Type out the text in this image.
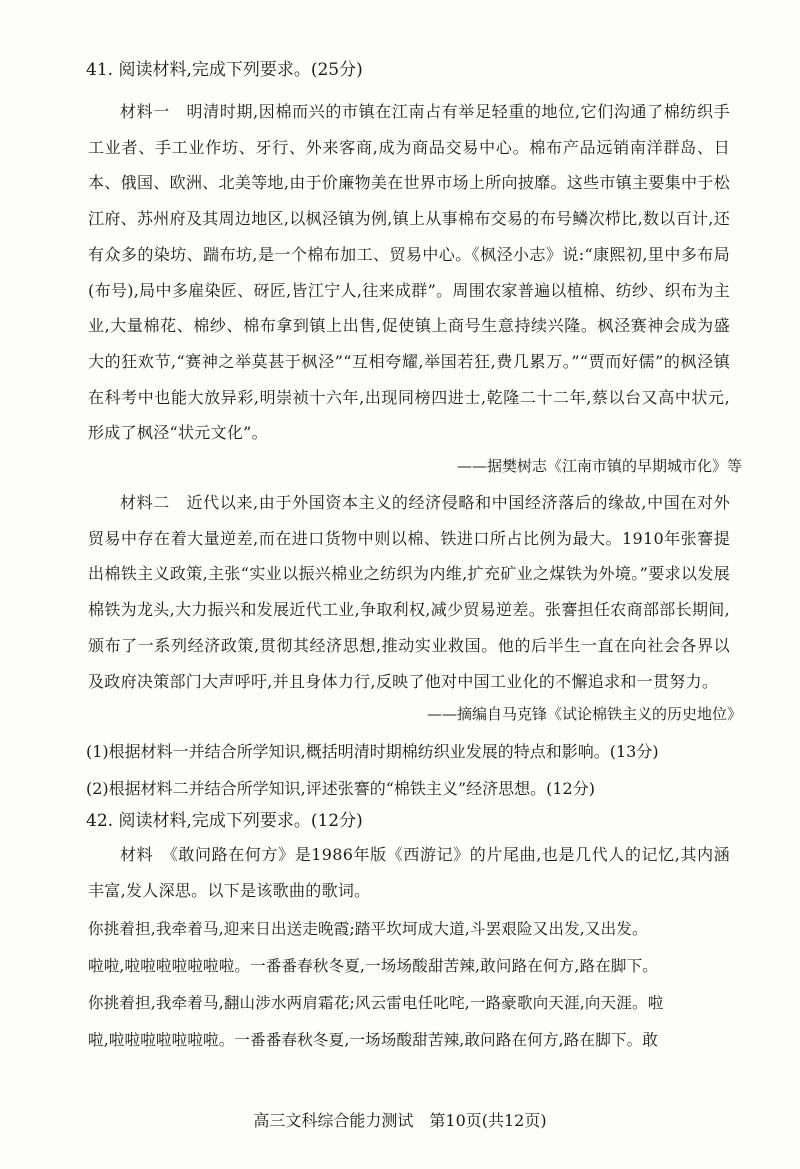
41. 阅读材料,完成下列要求。(25分)

材料一　明清时期,因棉而兴的市镇在江南占有举足轻重的地位,它们沟通了棉纺织手工业者、手工业作坊、牙行、外来客商,成为商品交易中心。棉布产品远销南洋群岛、日本、俄国、欧洲、北美等地,由于价廉物美在世界市场上所向披靡。这些市镇主要集中于松江府、苏州府及其周边地区,以枫泾镇为例,镇上从事棉布交易的布号鳞次栉比,数以百计,还有众多的染坊、踹布坊,是一个棉布加工、贸易中心。《枫泾小志》说:“康熙初,里中多布局(布号),局中多雇染匠、砑匠,皆江宁人,往来成群”。周围农家普遍以植棉、纺纱、织布为主业,大量棉花、棉纱、棉布拿到镇上出售,促使镇上商号生意持续兴隆。枫泾赛神会成为盛大的狂欢节,“赛神之举莫甚于枫泾”“互相夸耀,举国若狂,费几累万。”“贾而好儒”的枫泾镇在科考中也能大放异彩,明崇祯十六年,出现同榜四进士,乾隆二十二年,蔡以台又高中状元,形成了枫泾“状元文化”。

——据樊树志《江南市镇的早期城市化》等

材料二　近代以来,由于外国资本主义的经济侵略和中国经济落后的缘故,中国在对外贸易中存在着大量逆差,而在进口货物中则以棉、铁进口所占比例为最大。1910年张謇提出棉铁主义政策,主张“实业以振兴棉业之纺织为内维,扩充矿业之煤铁为外境。”要求以发展棉铁为龙头,大力振兴和发展近代工业,争取利权,减少贸易逆差。张謇担任农商部部长期间,颁布了一系列经济政策,贯彻其经济思想,推动实业救国。他的后半生一直在向社会各界以及政府决策部门大声呼吁,并且身体力行,反映了他对中国工业化的不懈追求和一贯努力。

——摘编自马克锋《试论棉铁主义的历史地位》
(1)根据材料一并结合所学知识,概括明清时期棉纺织业发展的特点和影响。(13分)
(2)根据材料二并结合所学知识,评述张謇的“棉铁主义”经济思想。(12分)
42. 阅读材料,完成下列要求。(12分)

材料　《敢问路在何方》是1986年版《西游记》的片尾曲,也是几代人的记忆,其内涵丰富,发人深思。以下是该歌曲的歌词。

你挑着担,我牵着马,迎来日出送走晚霞;踏平坎坷成大道,斗罢艰险又出发,又出发。
啦啦,啦啦啦啦啦啦啦。一番番春秋冬夏,一场场酸甜苦辣,敢问路在何方,路在脚下。
你挑着担,我牵着马,翻山涉水两肩霜花;风云雷电任叱咤,一路豪歌向天涯,向天涯。啦
啦,啦啦啦啦啦啦啦。一番番春秋冬夏,一场场酸甜苦辣,敢问路在何方,路在脚下。敢
高三文科综合能力测试　第10页(共12页)
